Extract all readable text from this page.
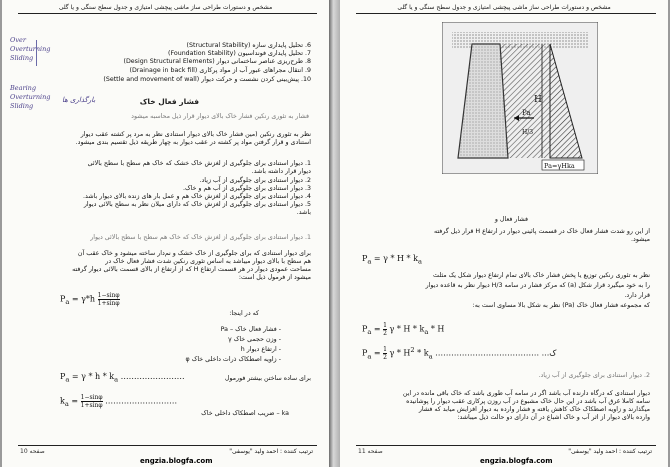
مشخص و دستورات طراحی ساز ماشی پیچشی امتیازی و جدول سطح سنگی و یا گلی
Over
Overturning
Sliding
Bearing
Overturning
Sliding
بارگذاری ها
6. تحلیل پایداری سازه (Structural Stability)
7. تحلیل پایداری فونداسیون (Foundation Stability)
8. طرح‌ریزی عناصر ساختمانی دیوار (Design Structural Elements)
9. انتقال مجراهای عبور آب از مواد پرکاری (Drainage in back fill)
10. پیش‌بینی کردن نشست و حرکت دیوار (Settle and movement of wall)
فشار فعال خاک
فشار به تئوری رنکین فشار خاک بالای دیوار قرار ذیل محاسبه میشود
نظر به تئوری رنکین (مین فشار خاک بالای دیوار استنادی نظر به مرد پر کشته عقب دیوار
استنادی و قرار گرفتن مواد پر کشته در عقب دیوار به چهار طریقه ذیل تقسیم بندی میشود.
1. دیوار استنادی برای جلوگیری از لغزش خاک خشک که خاک هم سطح با سطح بالائی
دیوار قرار داشته باشد.
2. دیوار استنادی برای جلوگیری از آب زیاد.
3. دیوار استنادی برای جلوگیری از آب هم و خاک.
4. دیوار استنادی برای جلوگیری از لغزش خاک هم و عمل بار های زنده بالای دیوار باشد.
5. دیوار استنادی برای جلوگیری از لغزش خاک که دارای میلان نظر به سطح بالائی دیوار
باشد.
1. دیوار استنادی برای جلوگیری از لغزش خاک که خاک هم سطح با سطح بالائی دیوار
برای دیوار استنادی که برای جلوگیری از خاک خشک و نم‌دار ساخته میشود و خاک عقب آن
هم سطح با بالای دیوار میباشد به اساس تئوری رنکین شدت فشار فعال خاک در
مساحت عمودی دیوار در هر قسمت ارتفاع H که از ارتفاع از بالای قسمت بالائی دیوار گرفته
میشود از فرمول ذیل است:
$P_a = \gamma*h \frac{1-\sin\varphi}{1+\sin\varphi}$
که در اینجا:
- فشار فعال خاک – Pa
- وزن حجمی خاک γ
- ارتفاع دیوار h
- زاویه اصطکاک ذرات داخلی خاک φ
$P_a = \gamma * h * k_a$ ……………………	برای ساده ساختن بیشتر فورمول
$k_a = \frac{1-\sin\varphi}{1+\sin\varphi}$ ………………………
ka – ضریب اصطکاک داخلی خاک
صفحه 10	ترتیب کننده : احمد ولید "یوسفی"
engzia.blogfa.com
مشخص و دستورات طراحی ساز ماشی پیچشی امتیازی و جدول سطح سنگی و یا گلی
H
Pa
H/3
Pa=γHka
فشار فعال و
از این رو شدت فشار فعال خاک در قسمت پائینی دیوار در ارتفاع H قرار ذیل گرفته
میشود.
$P_a = \gamma * H * k_a$
نظر به تئوری رنکین توزیع یا پخش فشار خاک بالای تمام ارتفاع دیوار شکل یک مثلث
را به خود میگیرد قرار شکل (a) که مرکز فشار در سامه H/3 دیوار نظر به قاعده دیوار
قرار دارد.
که مجموعه فشار فعال خاک (Pa) نظر به شکل بالا مساوی است به:
$P_a = \frac{1}{2}$ γ * H * $k_a$ * H
$P_a = \frac{1}{2}$ γ * $H^2 * k_a$ ………………………………… ...ک
2. دیوار استنادی برای جلوگیری از آب زیاد.
دیوار استنادی که درگاه دارنده آب باشد اگر در سامه آب طوری باشد که خاک باقی مانده در این
سامه کاملا غرق آب باشد در این حال خاک مشبوع در آب روزن پرکاری عقب دیوار را پوشانیده
میگذارند و زاویه اصطکاک خاک کاهش یافته و فشار وارده به دیوار افزایش میابد که فشار
وارده بالای دیوار از اثر آب و خاک اشباع در آن دارای دو حالت ذیل میباشد:
صفحه 11	ترتیب کننده : احمد ولید "یوسفی"
engzia.blogfa.com
